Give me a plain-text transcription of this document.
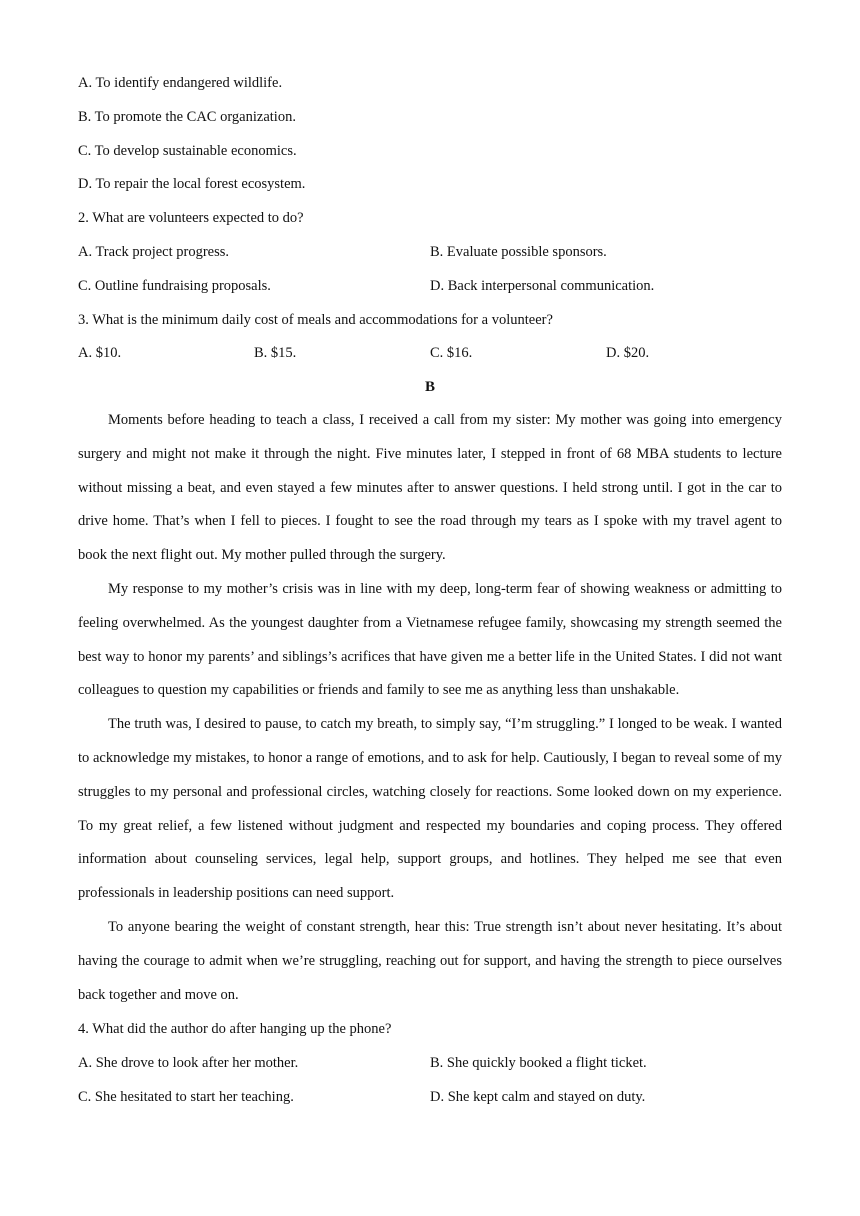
A. To identify endangered wildlife.
B. To promote the CAC organization.
C. To develop sustainable economics.
D. To repair the local forest ecosystem.
2. What are volunteers expected to do?
A. Track project progress.	B. Evaluate possible sponsors.
C. Outline fundraising proposals.	D. Back interpersonal communication.
3. What is the minimum daily cost of meals and accommodations for a volunteer?
A. $10.	B. $15.	C. $16.	D. $20.
B

Moments before heading to teach a class, I received a call from my sister: My mother was going into emergency surgery and might not make it through the night. Five minutes later, I stepped in front of 68 MBA students to lecture without missing a beat, and even stayed a few minutes after to answer questions. I held strong until. I got in the car to drive home. That’s when I fell to pieces. I fought to see the road through my tears as I spoke with my travel agent to book the next flight out. My mother pulled through the surgery.

My response to my mother’s crisis was in line with my deep, long-term fear of showing weakness or admitting to feeling overwhelmed. As the youngest daughter from a Vietnamese refugee family, showcasing my strength seemed the best way to honor my parents’ and siblings’s acrifices that have given me a better life in the United States. I did not want colleagues to question my capabilities or friends and family to see me as anything less than unshakable.

The truth was, I desired to pause, to catch my breath, to simply say, “I’m struggling.” I longed to be weak. I wanted to acknowledge my mistakes, to honor a range of emotions, and to ask for help. Cautiously, I began to reveal some of my struggles to my personal and professional circles, watching closely for reactions. Some looked down on my experience. To my great relief, a few listened without judgment and respected my boundaries and coping process. They offered information about counseling services, legal help, support groups, and hotlines. They helped me see that even professionals in leadership positions can need support.

To anyone bearing the weight of constant strength, hear this: True strength isn’t about never hesitating. It’s about having the courage to admit when we’re struggling, reaching out for support, and having the strength to piece ourselves back together and move on.

4. What did the author do after hanging up the phone?
A. She drove to look after her mother.	B. She quickly booked a flight ticket.
C. She hesitated to start her teaching.	D. She kept calm and stayed on duty.
